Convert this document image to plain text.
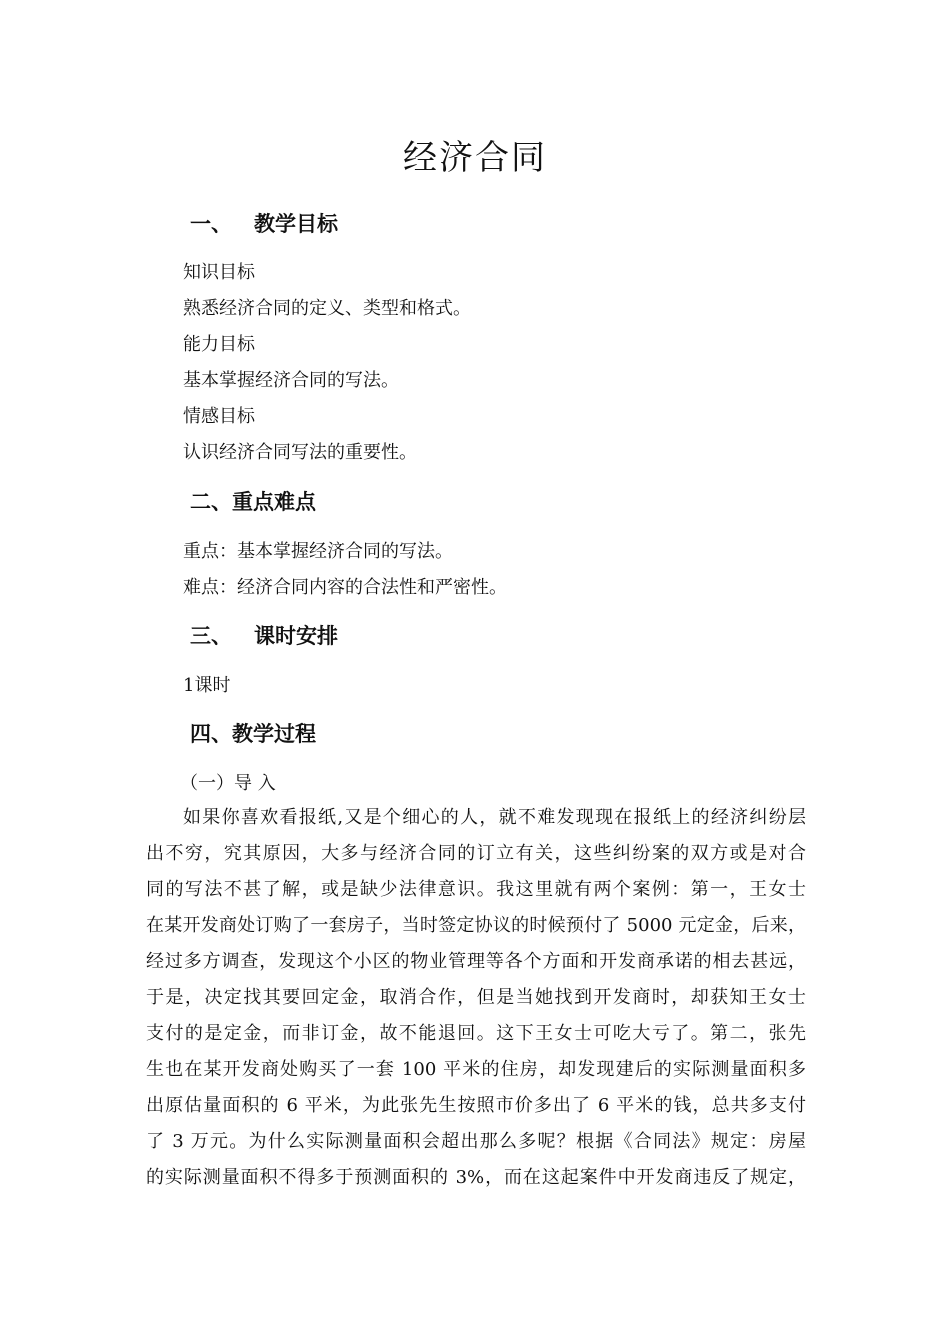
经济合同
一、 教学目标
知识目标
熟悉经济合同的定义、类型和格式。
能力目标
基本掌握经济合同的写法。
情感目标
认识经济合同写法的重要性。
二、重点难点
重点：基本掌握经济合同的写法。
难点：经济合同内容的合法性和严密性。
三、 课时安排
1课时
四、教学过程
（一）导 入
如果你喜欢看报纸,又是个细心的人，就不难发现现在报纸上的经济纠纷层
出不穷，究其原因，大多与经济合同的订立有关，这些纠纷案的双方或是对合
同的写法不甚了解，或是缺少法律意识。我这里就有两个案例：第一，王女士
在某开发商处订购了一套房子，当时签定协议的时候预付了 5000 元定金，后来，
经过多方调查，发现这个小区的物业管理等各个方面和开发商承诺的相去甚远，
于是，决定找其要回定金，取消合作，但是当她找到开发商时，却获知王女士
支付的是定金，而非订金，故不能退回。这下王女士可吃大亏了。第二，张先
生也在某开发商处购买了一套 100 平米的住房，却发现建后的实际测量面积多
出原估量面积的 6 平米，为此张先生按照市价多出了 6 平米的钱，总共多支付
了 3 万元。为什么实际测量面积会超出那么多呢？根据《合同法》规定：房屋
的实际测量面积不得多于预测面积的 3%，而在这起案件中开发商违反了规定，
